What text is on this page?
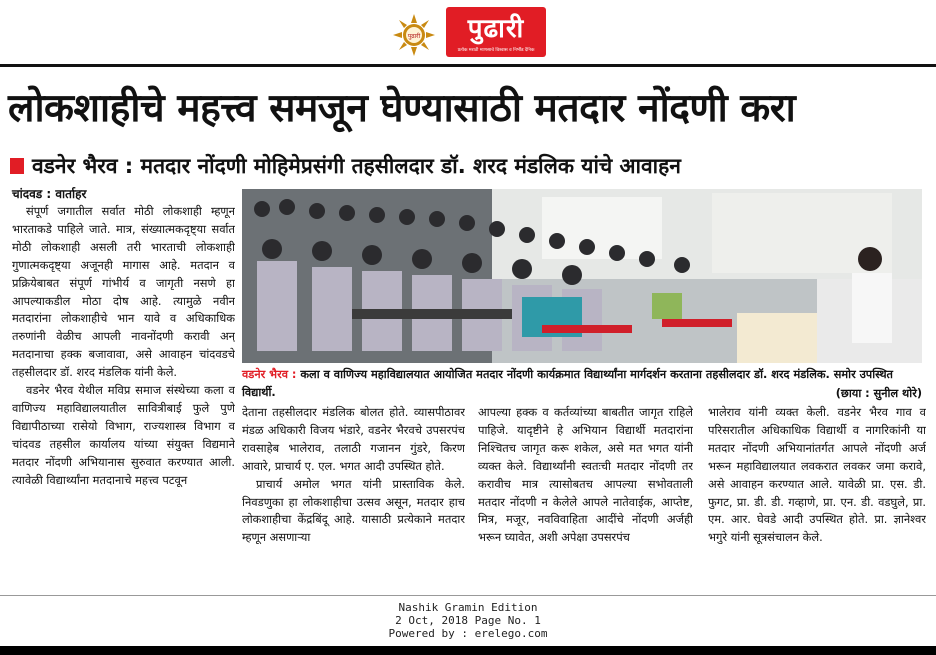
पुढारी	पुढारी
प्रत्येक मराठी माणसाचे विश्वास व निर्भीड दैनिक
लोकशाहीचे महत्त्व समजून घेण्यासाठी मतदार नोंदणी करा
वडनेर भैरव : मतदार नोंदणी मोहिमेप्रसंगी तहसीलदार डॉ. शरद मंडलिक यांचे आवाहन
चांदवड : वार्ताहर

संपूर्ण जगातील सर्वात मोठी लोकशाही म्हणून भारताकडे पाहिले जाते. मात्र, संख्यात्मकदृष्ट्या सर्वात मोठी लोकशाही असली तरी भारताची लोकशाही गुणात्मकदृष्ट्या अजूनही मागास आहे. मतदान व प्रक्रियेबाबत संपूर्ण गांभीर्य व जागृती नसणे हा आपल्याकडील मोठा दोष आहे. त्यामुळे नवीन मतदारांना लोकशाहीचे भान यावे व अधिकाधिक तरुणांनी वेळीच आपली नावनोंदणी करावी अन् मतदानाचा हक्क बजावावा, असे आवाहन चांदवडचे तहसीलदार डॉ. शरद मंडलिक यांनी केले.

वडनेर भैरव येथील मविप्र समाज संस्थेच्या कला व वाणिज्य महाविद्यालयातील सावित्रीबाई फुले पुणे विद्यापीठाच्या रासेयो विभाग, राज्यशास्त्र विभाग व चांदवड तहसील कार्यालय यांच्या संयुक्त विद्यमाने मतदार नोंदणी अभियानास सुरुवात करण्यात आली. त्यावेळी विद्यार्थ्यांना मतदानाचे महत्त्व पटवून

वडनेर भैरव : कला व वाणिज्य महाविद्यालयात आयोजित मतदार नोंदणी कार्यक्रमात विद्यार्थ्यांना मार्गदर्शन करताना तहसीलदार डॉ. शरद मंडलिक. समोर उपस्थित विद्यार्थी.	(छाया : सुनील थोरे)

देताना तहसीलदार मंडलिक बोलत होते. व्यासपीठावर मंडळ अधिकारी विजय भंडारे, वडनेर भैरवचे उपसरपंच रावसाहेब भालेराव, तलाठी गजानन गुंडरे, किरण आवारे, प्राचार्य ए. एल. भगत आदी उपस्थित होते.

प्राचार्य अमोल भगत यांनी प्रास्ताविक केले. निवडणुका हा लोकशाहीचा उत्सव असून, मतदार हाच लोकशाहीचा केंद्रबिंदू आहे. यासाठी प्रत्येकाने मतदार म्हणून असणाऱ्या

आपल्या हक्क व कर्तव्यांच्या बाबतीत जागृत राहिले पाहिजे. यादृष्टीने हे अभियान विद्यार्थी मतदारांना निश्चितच जागृत करू शकेल, असे मत भगत यांनी व्यक्त केले. विद्यार्थ्यांनी स्वतःची मतदार नोंदणी तर करावीच मात्र त्यासोबतच आपल्या सभोवताली मतदार नोंदणी न केलेले आपले नातेवाईक, आप्तेष्ट, मित्र, मजूर, नवविवाहिता आदींचे नोंदणी अर्जही भरून घ्यावेत, अशी अपेक्षा उपसरपंच

भालेराव यांनी व्यक्त केली. वडनेर भैरव गाव व परिसरातील अधिकाधिक विद्यार्थी व नागरिकांनी या मतदार नोंदणी अभियानांतर्गत आपले नोंदणी अर्ज भरून महाविद्यालयात लवकरात लवकर जमा करावे, असे आवाहन करण्यात आले. यावेळी प्रा. एस. डी. फुगट, प्रा. डी. डी. गव्हाणे, प्रा. एन. डी. वडघुले, प्रा. एम. आर. घेवडे आदी उपस्थित होते. प्रा. ज्ञानेश्वर भगुरे यांनी सूत्रसंचालन केले.

Nashik Gramin Edition
2 Oct, 2018 Page No. 1
Powered by : erelego.com
